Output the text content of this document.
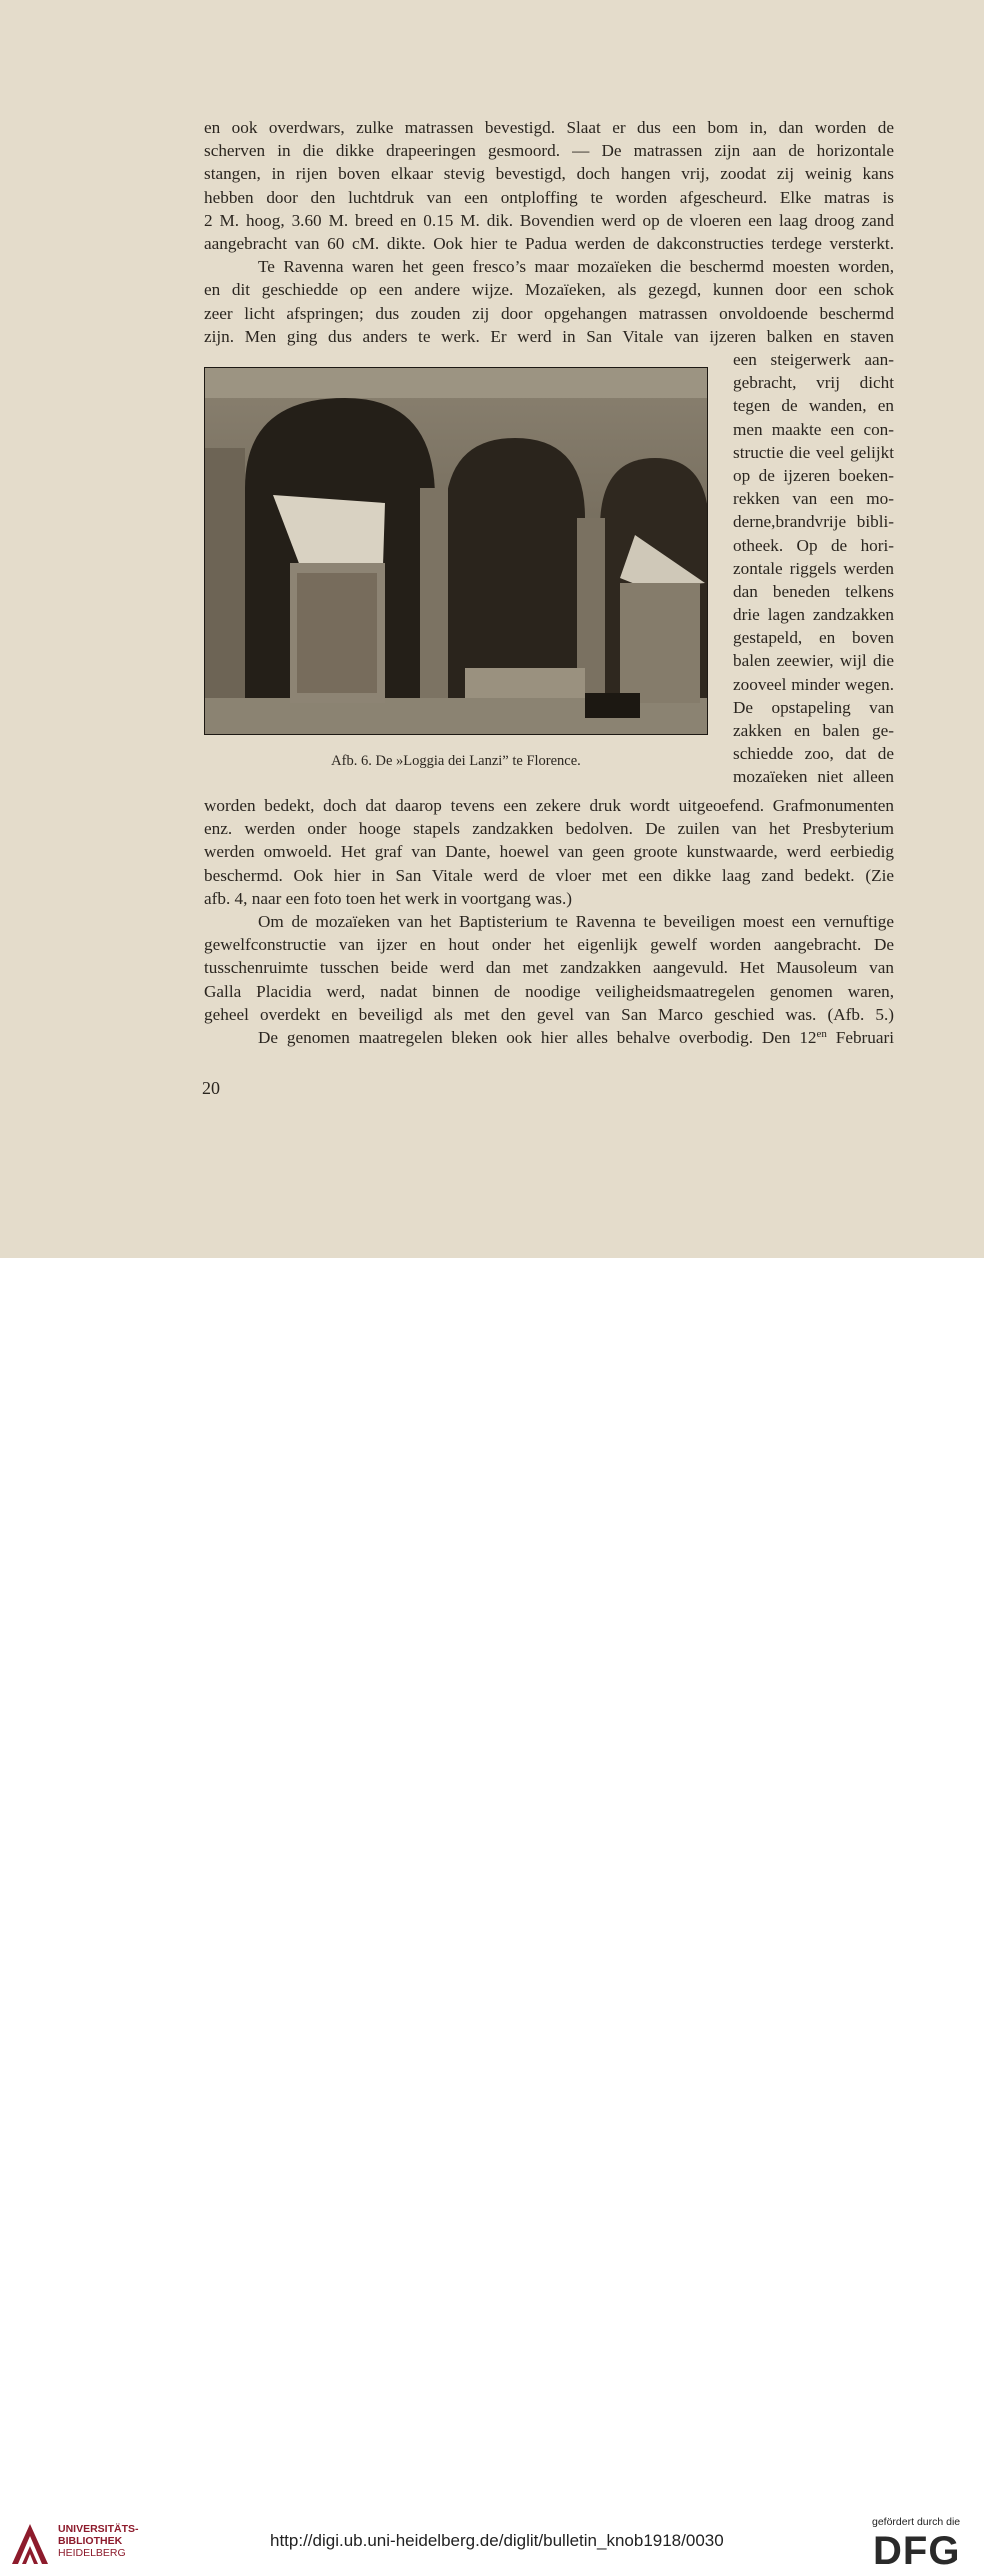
en ook overdwars, zulke matrassen bevestigd. Slaat er dus een bom in, dan worden de
scherven in die dikke drapeeringen gesmoord. — De matrassen zijn aan de horizontale
stangen, in rijen boven elkaar stevig bevestigd, doch hangen vrij, zoodat zij weinig kans
hebben door den luchtdruk van een ontploffing te worden afgescheurd. Elke matras is
2 M. hoog, 3.60 M. breed en 0.15 M. dik. Bovendien werd op de vloeren een laag droog zand
aangebracht van 60 cM. dikte. Ook hier te Padua werden de dakconstructies terdege versterkt.
Te Ravenna waren het geen fresco’s maar mozaïeken die beschermd moesten worden,
en dit geschiedde op een andere wijze. Mozaïeken, als gezegd, kunnen door een schok
zeer licht afspringen; dus zouden zij door opgehangen matrassen onvoldoende beschermd
zijn. Men ging dus anders te werk. Er werd in San Vitale van ijzeren balken en staven
Afb. 6. De »Loggia dei Lanzi” te Florence.
een steigerwerk aan-
gebracht, vrij dicht
tegen de wanden, en
men maakte een con-
structie die veel gelijkt
op de ijzeren boeken-
rekken van een mo-
derne,brandvrije bibli-
otheek. Op de hori-
zontale riggels werden
dan beneden telkens
drie lagen zandzakken
gestapeld, en boven
balen zeewier, wijl die
zooveel minder wegen.
De opstapeling van
zakken en balen ge-
schiedde zoo, dat de
mozaïeken niet alleen
worden bedekt, doch dat daarop tevens een zekere druk wordt uitgeoefend. Grafmonumenten
enz. werden onder hooge stapels zandzakken bedolven. De zuilen van het Presbyterium
werden omwoeld. Het graf van Dante, hoewel van geen groote kunstwaarde, werd eerbiedig
beschermd. Ook hier in San Vitale werd de vloer met een dikke laag zand bedekt. (Zie
afb. 4, naar een foto toen het werk in voortgang was.)
Om de mozaïeken van het Baptisterium te Ravenna te beveiligen moest een vernuftige
gewelfconstructie van ijzer en hout onder het eigenlijk gewelf worden aangebracht. De
tusschenruimte tusschen beide werd dan met zandzakken aangevuld. Het Mausoleum van
Galla Placidia werd, nadat binnen de noodige veiligheidsmaatregelen genomen waren,
geheel overdekt en beveiligd als met den gevel van San Marco geschied was. (Afb. 5.)
De genomen maatregelen bleken ook hier alles behalve overbodig. Den $12^{en}$ Februari
20
UNIVERSITÄTS-
BIBLIOTHEK
HEIDELBERG
http://digi.ub.uni-heidelberg.de/diglit/bulletin_knob1918/0030
gefördert durch die
DFG
